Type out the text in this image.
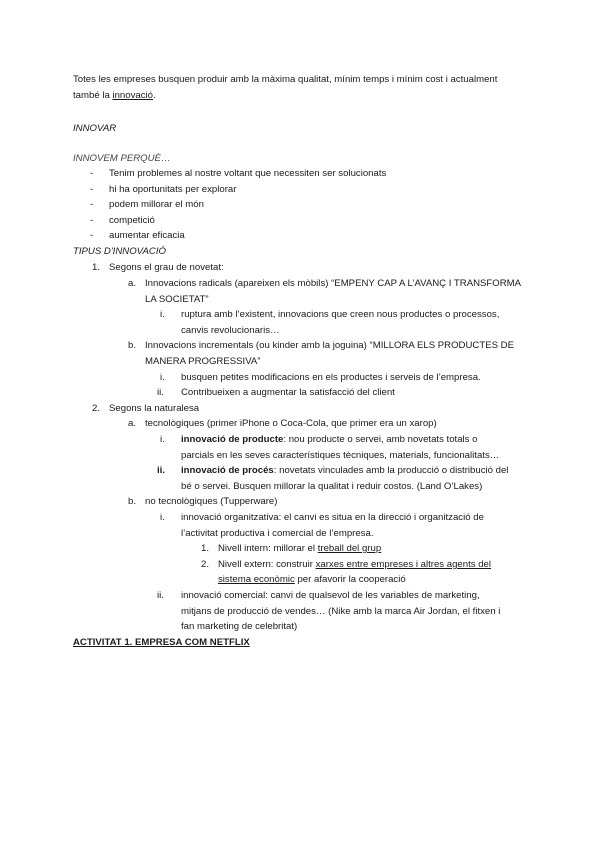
Totes les empreses busquen produir amb la màxima qualitat, mínim temps i mínim cost i actualment
també la innovació.
INNOVAR
INNOVEM PERQUÈ…
- Tenim problemes al nostre voltant que necessiten ser solucionats
- hi ha oportunitats per explorar
- podem millorar el món
- competició
- aumentar eficacia
TIPUS D'INNOVACIÓ
1. Segons el grau de novetat:
a. Innovacions radicals (apareixen els mòbils) “EMPENY CAP A L’AVANÇ I TRANSFORMA
LA SOCIETAT”
i. ruptura amb l’existent, innovacions que creen nous productes o processos,
canvis revolucionaris…
b. Innovacions incrementals (ou kinder amb la joguina) “MILLORA ELS PRODUCTES DE
MANERA PROGRESSIVA”
i. busquen petites modificacions en els productes i serveis de l’empresa.
ii. Contribueixen a augmentar la satisfacció del client
2. Segons la naturalesa
a. tecnològiques (primer iPhone o Coca-Cola, que primer era un xarop)
i. innovació de producte: nou producte o servei, amb novetats totals o
parcials en les seves característiques tècniques, materials, funcionalitats…
ii. innovació de procés: novetats vinculades amb la producció o distribució del
bé o servei. Busquen millorar la qualitat i reduir costos. (Land O’Lakes)
b. no tecnològiques (Tupperware)
i. innovació organitzativa: el canvi es situa en la direcció i organització de
l’activitat productiva i comercial de l’empresa.
1. Nivell intern: millorar el treball del grup
2. Nivell extern: construir xarxes entre empreses i altres agents del
sistema econòmic per afavorir la cooperació
ii. innovació comercial: canvi de qualsevol de les variables de marketing,
mitjans de producció de vendes… (Nike amb la marca Air Jordan, el fitxen i
fan marketing de celebritat)
ACTIVITAT 1. EMPRESA COM NETFLIX
